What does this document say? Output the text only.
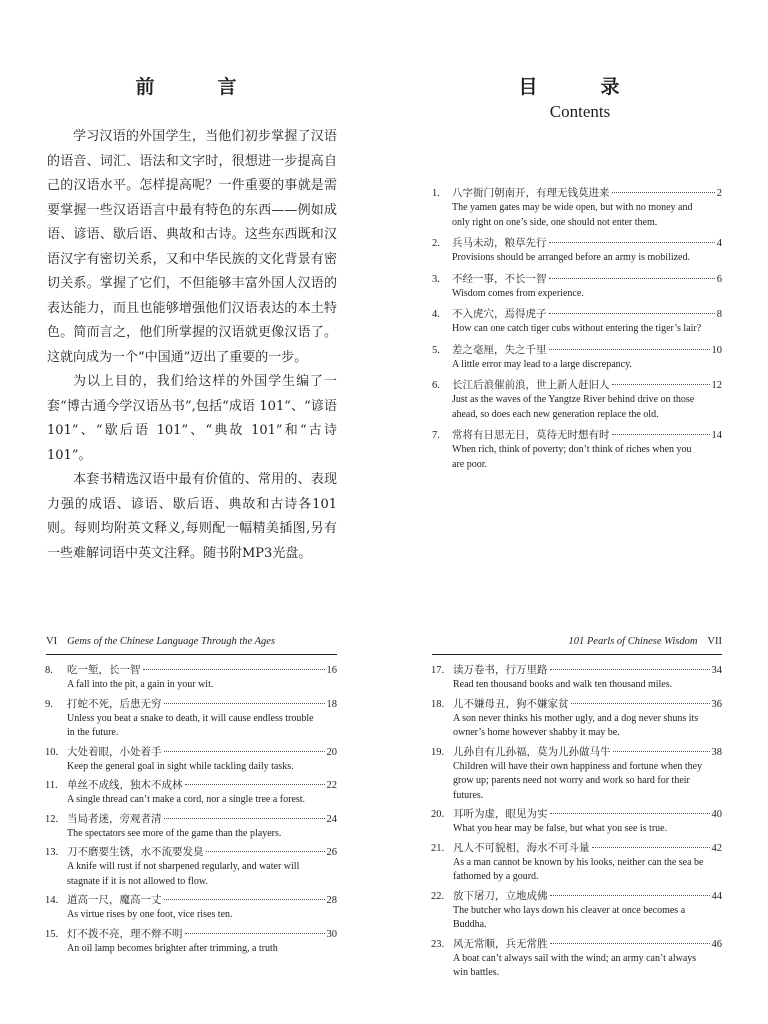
前　言

学习汉语的外国学生，当他们初步掌握了汉语的语音、词汇、语法和文字时，很想进一步提高自己的汉语水平。怎样提高呢？一件重要的事就是需要掌握一些汉语语言中最有特色的东西——例如成语、谚语、歇后语、典故和古诗。这些东西既和汉语汉字有密切关系，又和中华民族的文化背景有密切关系。掌握了它们，不但能够丰富外国人汉语的表达能力，而且也能够增强他们汉语表达的本土特色。简而言之，他们所掌握的汉语就更像汉语了。这就向成为一个“中国通”迈出了重要的一步。

为以上目的，我们给这样的外国学生编了一套“博古通今学汉语丛书”,包括“成语 101”、“谚语 101”、“歇后语 101”、“典故 101”和“古诗 101”。

本套书精选汉语中最有价值的、常用的、表现力强的成语、谚语、歇后语、典故和古诗各101则。每则均附英文释义,每则配一幅精美插图,另有一些难解词语中英文注释。随书附MP3光盘。

目　录
Contents
1. 八字衙门朝南开，有理无钱莫进来	2
The yamen gates may be wide open, but with no money and only right on one’s side, one should not enter them.
2. 兵马未动，粮草先行	4
Provisions should be arranged before an army is mobilized.
3. 不经一事，不长一智	6
Wisdom comes from experience.
4. 不入虎穴，焉得虎子	8
How can one catch tiger cubs without entering the tiger’s lair?
5. 差之毫厘，失之千里	10
A little error may lead to a large discrepancy.
6. 长江后浪催前浪，世上新人赶旧人	12
Just as the waves of the Yangtze River behind drive on those ahead, so does each new generation replace the old.
7. 常将有日思无日，莫待无时想有时	14
When rich, think of poverty; don’t think of riches when you are poor.
VI Gems of the Chinese Language Through the Ages	101 Pearls of Chinese Wisdom VII
8. 吃一堑，长一智	16
A fall into the pit, a gain in your wit.
9. 打蛇不死，后患无穷	18
Unless you beat a snake to death, it will cause endless trouble in the future.
10. 大处着眼，小处着手	20
Keep the general goal in sight while tackling daily tasks.
11. 单丝不成线，独木不成林	22
A single thread can’t make a cord, nor a single tree a forest.
12. 当局者迷，旁观者清	24
The spectators see more of the game than the players.
13. 刀不磨要生锈，水不流要发臭	26
A knife will rust if not sharpened regularly, and water will stagnate if it is not allowed to flow.
14. 道高一尺，魔高一丈	28
As virtue rises by one foot, vice rises ten.
15. 灯不拨不亮，理不辩不明	30
An oil lamp becomes brighter after trimming, a truth
17. 读万卷书，行万里路	34
Read ten thousand books and walk ten thousand miles.
18. 儿不嫌母丑，狗不嫌家贫	36
A son never thinks his mother ugly, and a dog never shuns its owner’s home however shabby it may be.
19. 儿孙自有儿孙福，莫为儿孙做马牛	38
Children will have their own happiness and fortune when they grow up; parents need not worry and work so hard for their futures.
20. 耳听为虚，眼见为实	40
What you hear may be false, but what you see is true.
21. 凡人不可貌相，海水不可斗量	42
As a man cannot be known by his looks, neither can the sea be fathomed by a gourd.
22. 放下屠刀，立地成佛	44
The butcher who lays down his cleaver at once becomes a Buddha.
23. 风无常顺，兵无常胜	46
A boat can’t always sail with the wind; an army can’t always win battles.
